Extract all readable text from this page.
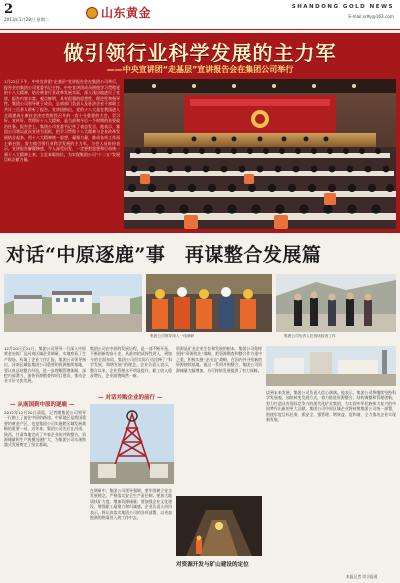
2
2013年1月28日 星期二	山东黄金	SHANDONG GOLD NEWS
E-mail:sdhj@163.com
做引领行业科学发展的主力军
——中央宣讲团“走基层”宣讲报告会在集团公司举行
1月22日下午，中央宣讲团“走基层”宣讲报告会在集团公司举行，报告会由集团公司党委书记主持。中央宣讲团成员围绕学习贯彻党的十八大精神，结合黄金行业改革发展实际，深入浅出地进行了宣讲，报告内容丰富、观点鲜明，具有很强的思想性、理论性和指导性。集团公司领导班子成员，总部部门负责人及驻济企业干部职工共计三百余人聆听了报告。宣讲团指出，党的十八大是在我国进入全面建成小康社会决定性阶段召开的一次十分重要的大会。学习好、宣传好、贯彻好十八大精神，是当前和今后一个时期的首要政治任务。报告会上，集团公司党委书记作了表态发言，他表示，集团公司将以此次宣讲为契机，把学习贯彻十八大精神与企业改革发展结合起来，用十八大精神统一思想、凝聚力量，推动各项工作再上新台阶，努力做引领行业科学发展的主力军。与会人员纷纷表示，宣讲报告解疑释惑，令人深受启发，一定要把思想和行动统一到十八大精神上来，立足本职岗位，为实现集团公司“十二五”发展目标贡献力量。
对话“中原逐鹿”事　再谋整合发展篇
集团公司领导深入一线调研	集团公司负责人在现场检查工作
12月20日至21日，集团公司领导一行深入中原黄金冶炼厂及河南区域企业调研，实地察看了生产现场，听取了企业工作汇报。集团公司领导指出，河南区域是集团公司重要的资源接续基地，要认真总结整合经验，进一步理顺管理体制，深挖内部潜力，加快资源勘查和项目建设，推动企业又好又快发展。
— 从南国到中原的逐鹿 —
2012年12月20日清晨，记者随集团公司领导一行踏上了前往中原的路途。中原地区是我国重要的黄金产区，也是集团公司实施跨区域发展战略的重要一站。近年来，集团公司先后在河南、陕西、甘肃等地完成了多家企业的并购整合，资源储量和生产规模迅速扩大，为集团公司实现跨越式发展奠定了坚实基础。
集团公司在中原的发展历程，是一部不断开拓、不断创新的奋斗史。从最初的试探性进入，到如今的全面布局，集团公司用实际行动诠释了“科学发展、和谐发展”的理念。企业负责人表示，整合以来，企业管理水平明显提升，职工收入稳步增长，企业面貌焕然一新。
— 对话并购企业的前行 —
在调研中，集团公司领导强调，要牢固树立安全发展理念，严格落实安全生产责任制；要加大地质找矿力度，增加资源储量；要加强企业文化建设，增强职工凝聚力和归属感。企业负责人纷纷表示，将认真落实集团公司的各项部署，以更加饱满的热情投入到工作中去。
资源是矿业企业生存和发展的根本。集团公司始终坚持“资源优先”战略，把资源勘查和整合作为重中之重，积极实施“走出去”战略，在国内外寻找新的资源接续基地。通过一系列并购整合，集团公司资源储量大幅增加，为可持续发展提供了有力保障。
对资源开发与矿山建设的定位
谈到未来发展，集团公司负责人信心满满。他表示，集团公司将继续坚持科学发展观，加快转变发展方式，着力推进资源整合、结构调整和管理创新，努力打造具有国际竞争力的现代化矿业集团，为实现中华民族伟大复兴的中国梦作出新的更大贡献。集团公司中原区域企业将按照集团公司统一部署，围绕年度目标任务，抓安全、强管理、增效益、促和谐，全力推动企业实现新发展。
本报记者 综合报道
